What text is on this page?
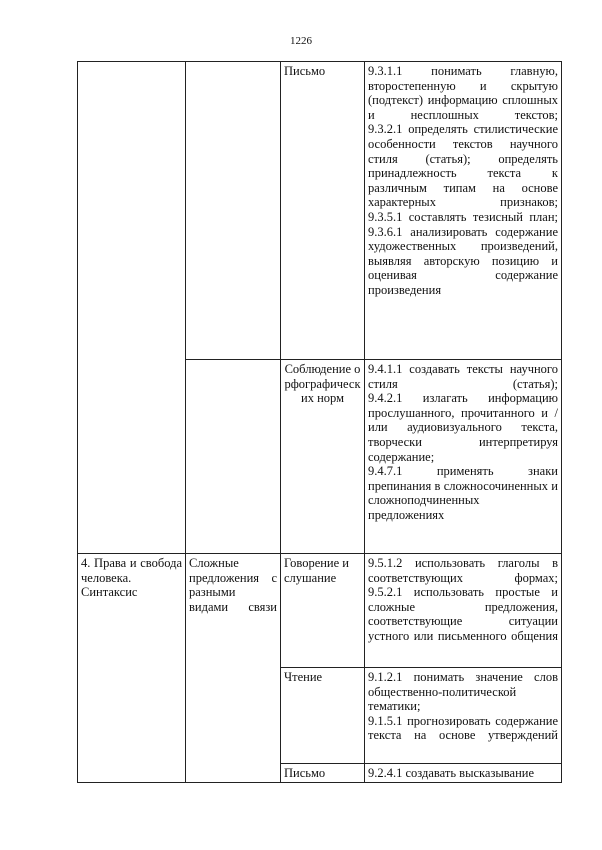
1226

		Письмо	9.3.1.1 понимать главную, второстепенную и скрытую (подтекст) информацию сплошных и несплошных текстов;
9.3.2.1 определять стилистические особенности текстов научного стиля (статья); определять принадлежность текста к различным типам на основе характерных признаков;
9.3.5.1 составлять тезисный план;
9.3.6.1 анализировать содержание художественных произведений, выявляя авторскую позицию и оценивая содержание произведения

		Соблюдение орфографических норм	9.4.1.1 создавать тексты научного стиля (статья);
9.4.2.1 излагать информацию прослушанного, прочитанного и / или аудиовизуального текста, творчески интерпретируя содержание;
9.4.7.1 применять знаки препинания в сложносочиненных и сложноподчиненных предложениях

4. Права и свобода человека. Синтаксис	Сложные предложения с разными видами связи	Говорение и слушание	9.5.1.2 использовать глаголы в соответствующих формах;
9.5.2.1 использовать простые и сложные предложения, соответствующие ситуации устного или письменного общения

		Чтение	9.1.2.1 понимать значение слов общественно-политической тематики;
9.1.5.1 прогнозировать содержание текста на основе утверждений

		Письмо	9.2.4.1 создавать высказывание
